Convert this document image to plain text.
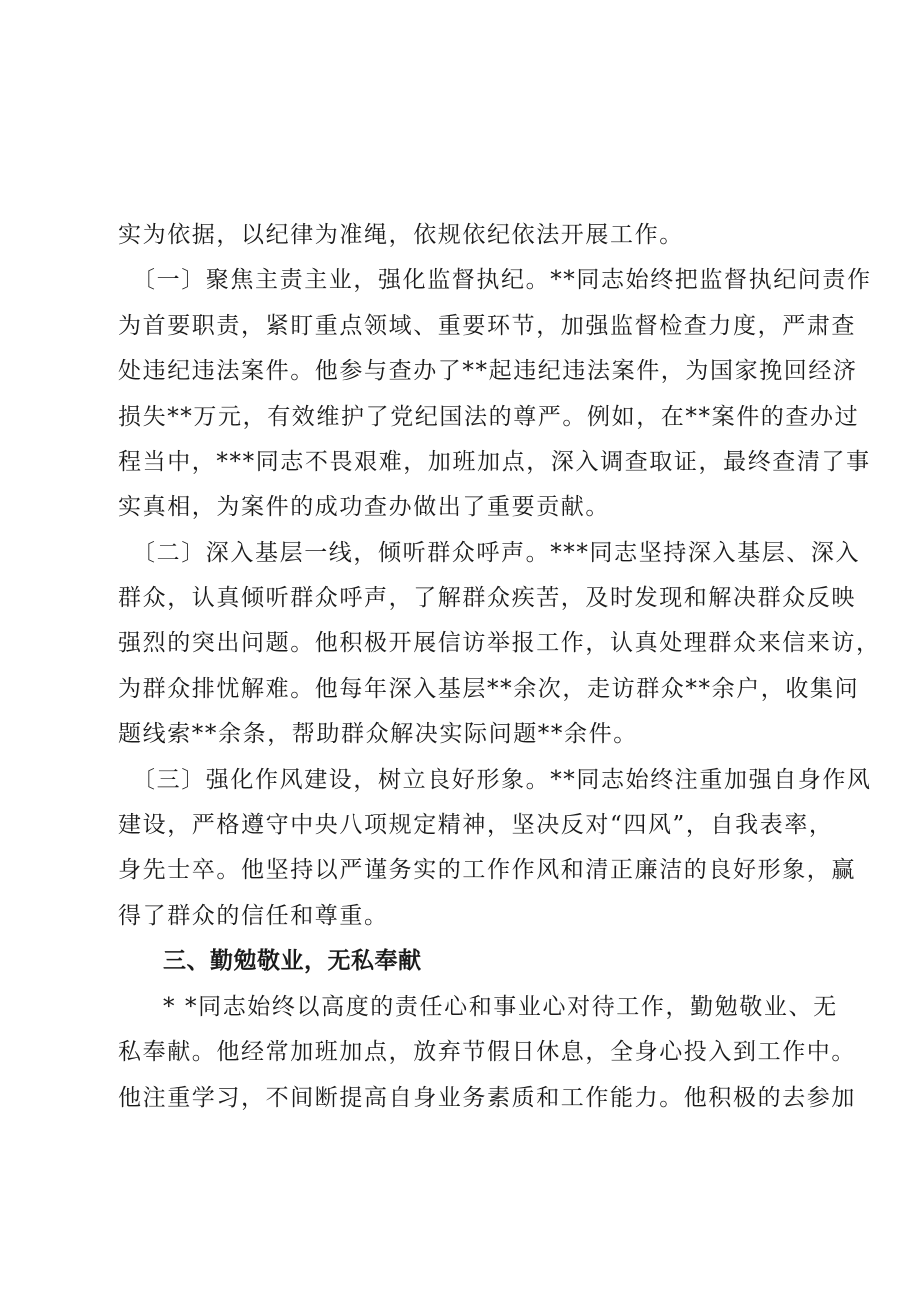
实为依据，以纪律为准绳，依规依纪依法开展工作。
〔一〕聚焦主责主业，强化监督执纪。**同志始终把监督执纪问责作
为首要职责，紧盯重点领域、重要环节，加强监督检查力度，严肃查
处违纪违法案件。他参与查办了**起违纪违法案件，为国家挽回经济
损失**万元，有效维护了党纪国法的尊严。例如，在**案件的查办过
程当中，***同志不畏艰难，加班加点，深入调查取证，最终查清了事
实真相，为案件的成功查办做出了重要贡献。
〔二〕深入基层一线，倾听群众呼声。***同志坚持深入基层、深入
群众，认真倾听群众呼声，了解群众疾苦，及时发现和解决群众反映
强烈的突出问题。他积极开展信访举报工作，认真处理群众来信来访，
为群众排忧解难。他每年深入基层**余次，走访群众**余户，收集问
题线索**余条，帮助群众解决实际问题**余件。
〔三〕强化作风建设，树立良好形象。**同志始终注重加强自身作风
建设，严格遵守中央八项规定精神，坚决反对“四风”，自我表率，
身先士卒。他坚持以严谨务实的工作作风和清正廉洁的良好形象，赢
得了群众的信任和尊重。
三、勤勉敬业，无私奉献
* *同志始终以高度的责任心和事业心对待工作，勤勉敬业、无
私奉献。他经常加班加点，放弃节假日休息，全身心投入到工作中。
他注重学习，不间断提高自身业务素质和工作能力。他积极的去参加
